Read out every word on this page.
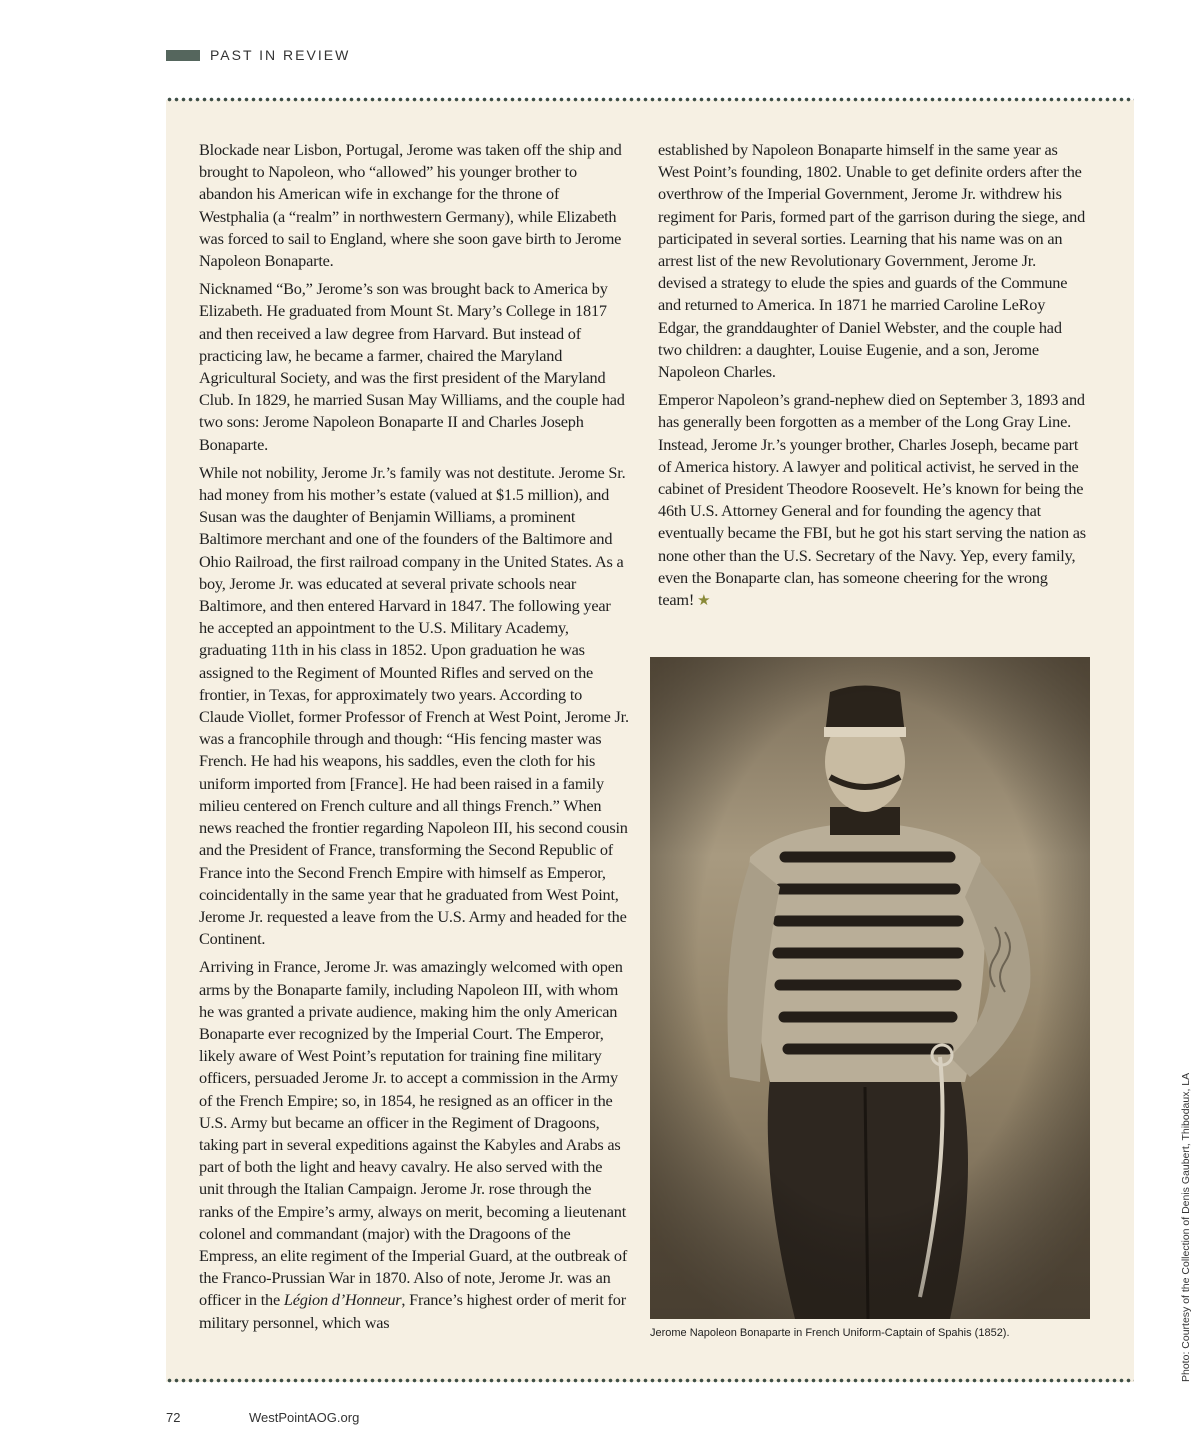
PAST IN REVIEW

Blockade near Lisbon, Portugal, Jerome was taken off the ship and brought to Napoleon, who “allowed” his younger brother to abandon his American wife in exchange for the throne of Westphalia (a “realm” in northwestern Germany), while Elizabeth was forced to sail to England, where she soon gave birth to Jerome Napoleon Bonaparte.

Nicknamed “Bo,” Jerome’s son was brought back to America by Elizabeth. He graduated from Mount St. Mary’s College in 1817 and then received a law degree from Harvard. But instead of practicing law, he became a farmer, chaired the Maryland Agricultural Society, and was the first president of the Maryland Club. In 1829, he married Susan May Williams, and the couple had two sons: Jerome Napoleon Bonaparte II and Charles Joseph Bonaparte.

While not nobility, Jerome Jr.’s family was not destitute. Jerome Sr. had money from his mother’s estate (valued at $1.5 million), and Susan was the daughter of Benjamin Williams, a prominent Baltimore merchant and one of the founders of the Baltimore and Ohio Railroad, the first railroad company in the United States. As a boy, Jerome Jr. was educated at several private schools near Baltimore, and then entered Harvard in 1847. The following year he accepted an appointment to the U.S. Military Academy, graduating 11th in his class in 1852. Upon graduation he was assigned to the Regiment of Mounted Rifles and served on the frontier, in Texas, for approximately two years. According to Claude Viollet, former Professor of French at West Point, Jerome Jr. was a francophile through and though: “His fencing master was French. He had his weapons, his saddles, even the cloth for his uniform imported from [France]. He had been raised in a family milieu centered on French culture and all things French.” When news reached the frontier regarding Napoleon III, his second cousin and the President of France, transforming the Second Republic of France into the Second French Empire with himself as Emperor, coincidentally in the same year that he graduated from West Point, Jerome Jr. requested a leave from the U.S. Army and headed for the Continent.

Arriving in France, Jerome Jr. was amazingly welcomed with open arms by the Bonaparte family, including Napoleon III, with whom he was granted a private audience, making him the only American Bonaparte ever recognized by the Imperial Court. The Emperor, likely aware of West Point’s reputation for training fine military officers, persuaded Jerome Jr. to accept a commission in the Army of the French Empire; so, in 1854, he resigned as an officer in the U.S. Army but became an officer in the Regiment of Dragoons, taking part in several expeditions against the Kabyles and Arabs as part of both the light and heavy cavalry. He also served with the unit through the Italian Campaign. Jerome Jr. rose through the ranks of the Empire’s army, always on merit, becoming a lieutenant colonel and commandant (major) with the Dragoons of the Empress, an elite regiment of the Imperial Guard, at the outbreak of the Franco-Prussian War in 1870. Also of note, Jerome Jr. was an officer in the Légion d’Honneur, France’s highest order of merit for military personnel, which was

established by Napoleon Bonaparte himself in the same year as West Point’s founding, 1802. Unable to get definite orders after the overthrow of the Imperial Government, Jerome Jr. withdrew his regiment for Paris, formed part of the garrison during the siege, and participated in several sorties. Learning that his name was on an arrest list of the new Revolutionary Government, Jerome Jr. devised a strategy to elude the spies and guards of the Commune and returned to America. In 1871 he married Caroline LeRoy Edgar, the granddaughter of Daniel Webster, and the couple had two children: a daughter, Louise Eugenie, and a son, Jerome Napoleon Charles.

Emperor Napoleon’s grand-nephew died on September 3, 1893 and has generally been forgotten as a member of the Long Gray Line. Instead, Jerome Jr.’s younger brother, Charles Joseph, became part of America history. A lawyer and political activist, he served in the cabinet of President Theodore Roosevelt. He’s known for being the 46th U.S. Attorney General and for founding the agency that eventually became the FBI, but he got his start serving the nation as none other than the U.S. Secretary of the Navy. Yep, every family, even the Bonaparte clan, has someone cheering for the wrong team! ★

Jerome Napoleon Bonaparte in French Uniform-Captain of Spahis (1852).	Photo: Courtesy of the Collection of Denis Gaubert, Thibodaux, LA
72	WestPointAOG.org
